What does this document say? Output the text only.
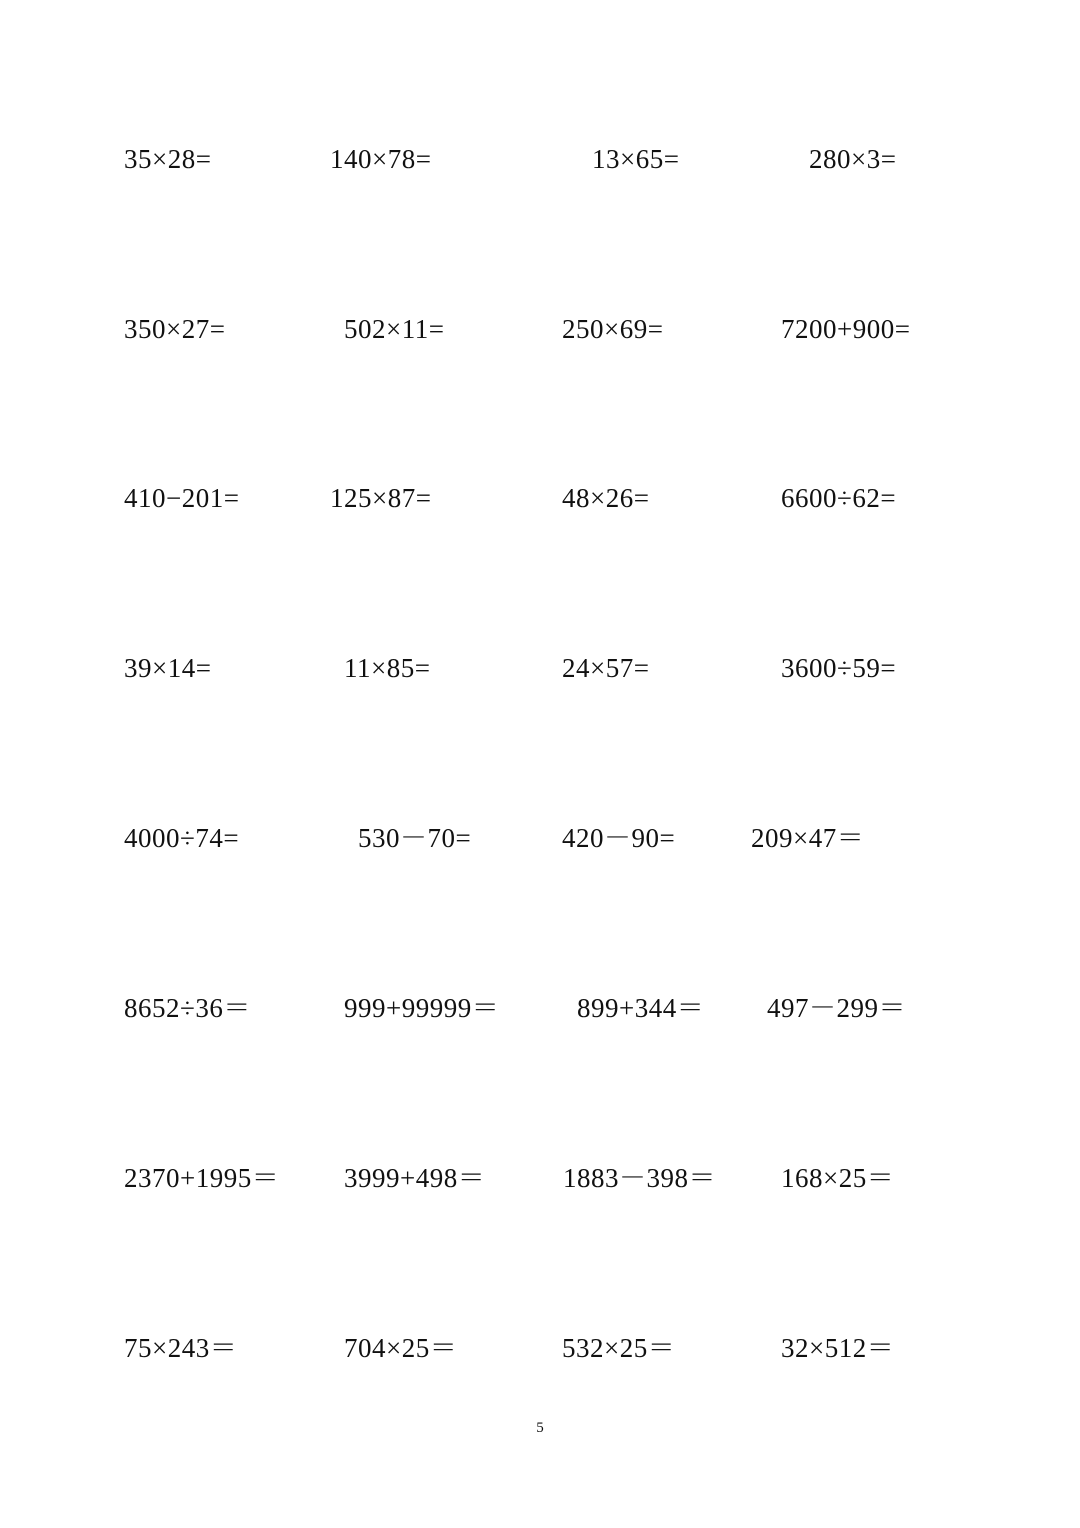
35×28=	140×78=	13×65=	280×3=
350×27=	502×11=	250×69=	7200+900=
410−201=	125×87=	48×26=	6600÷62=
39×14=	11×85=	24×57=	3600÷59=
4000÷74=	530－70=	420－90=	209×47＝
8652÷36＝	999+99999＝	899+344＝ 497－299＝
2370+1995＝ 3999+498＝	1883－398＝ 168×25＝
75×243＝	704×25＝	532×25＝	32×512＝
5
